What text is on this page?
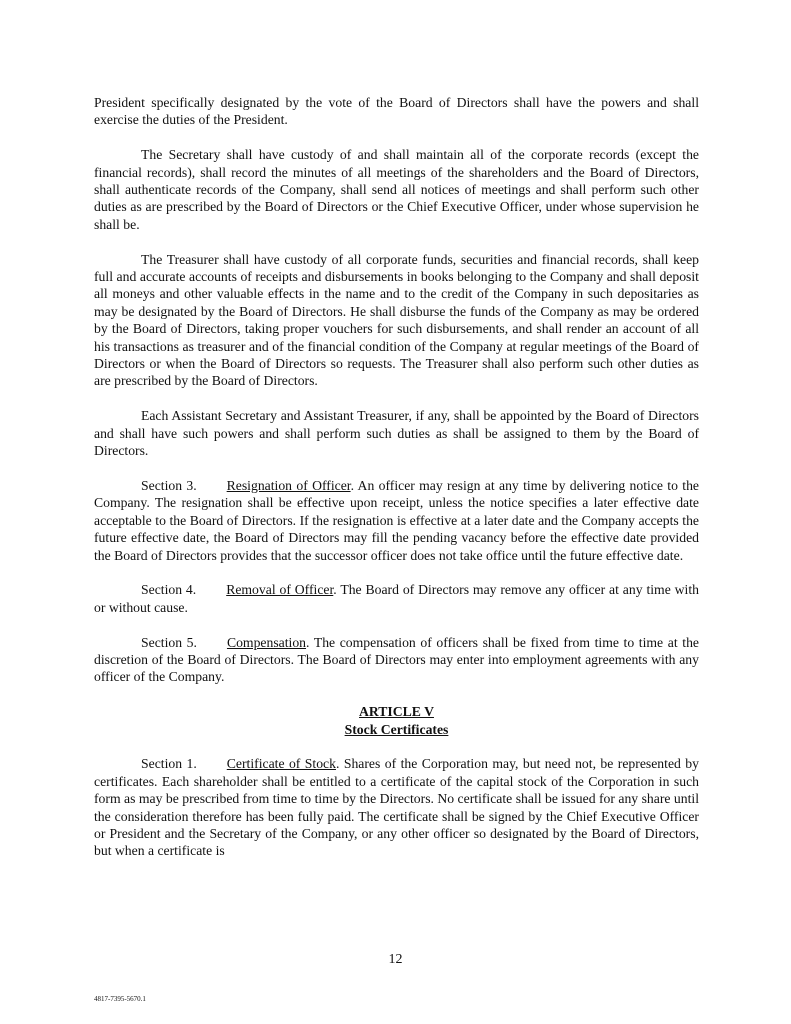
President specifically designated by the vote of the Board of Directors shall have the powers and shall exercise the duties of the President.

The Secretary shall have custody of and shall maintain all of the corporate records (except the financial records), shall record the minutes of all meetings of the shareholders and the Board of Directors, shall authenticate records of the Company, shall send all notices of meetings and shall perform such other duties as are prescribed by the Board of Directors or the Chief Executive Officer, under whose supervision he shall be.

The Treasurer shall have custody of all corporate funds, securities and financial records, shall keep full and accurate accounts of receipts and disbursements in books belonging to the Company and shall deposit all moneys and other valuable effects in the name and to the credit of the Company in such depositaries as may be designated by the Board of Directors. He shall disburse the funds of the Company as may be ordered by the Board of Directors, taking proper vouchers for such disbursements, and shall render an account of all his transactions as treasurer and of the financial condition of the Company at regular meetings of the Board of Directors or when the Board of Directors so requests. The Treasurer shall also perform such other duties as are prescribed by the Board of Directors.

Each Assistant Secretary and Assistant Treasurer, if any, shall be appointed by the Board of Directors and shall have such powers and shall perform such duties as shall be assigned to them by the Board of Directors.

Section 3. Resignation of Officer. An officer may resign at any time by delivering notice to the Company. The resignation shall be effective upon receipt, unless the notice specifies a later effective date acceptable to the Board of Directors. If the resignation is effective at a later date and the Company accepts the future effective date, the Board of Directors may fill the pending vacancy before the effective date provided the Board of Directors provides that the successor officer does not take office until the future effective date.

Section 4. Removal of Officer. The Board of Directors may remove any officer at any time with or without cause.

Section 5. Compensation. The compensation of officers shall be fixed from time to time at the discretion of the Board of Directors. The Board of Directors may enter into employment agreements with any officer of the Company.

ARTICLE V
Stock Certificates

Section 1. Certificate of Stock. Shares of the Corporation may, but need not, be represented by certificates. Each shareholder shall be entitled to a certificate of the capital stock of the Corporation in such form as may be prescribed from time to time by the Directors. No certificate shall be issued for any share until the consideration therefore has been fully paid. The certificate shall be signed by the Chief Executive Officer or President and the Secretary of the Company, or any other officer so designated by the Board of Directors, but when a certificate is

12
4817-7395-5670.1
